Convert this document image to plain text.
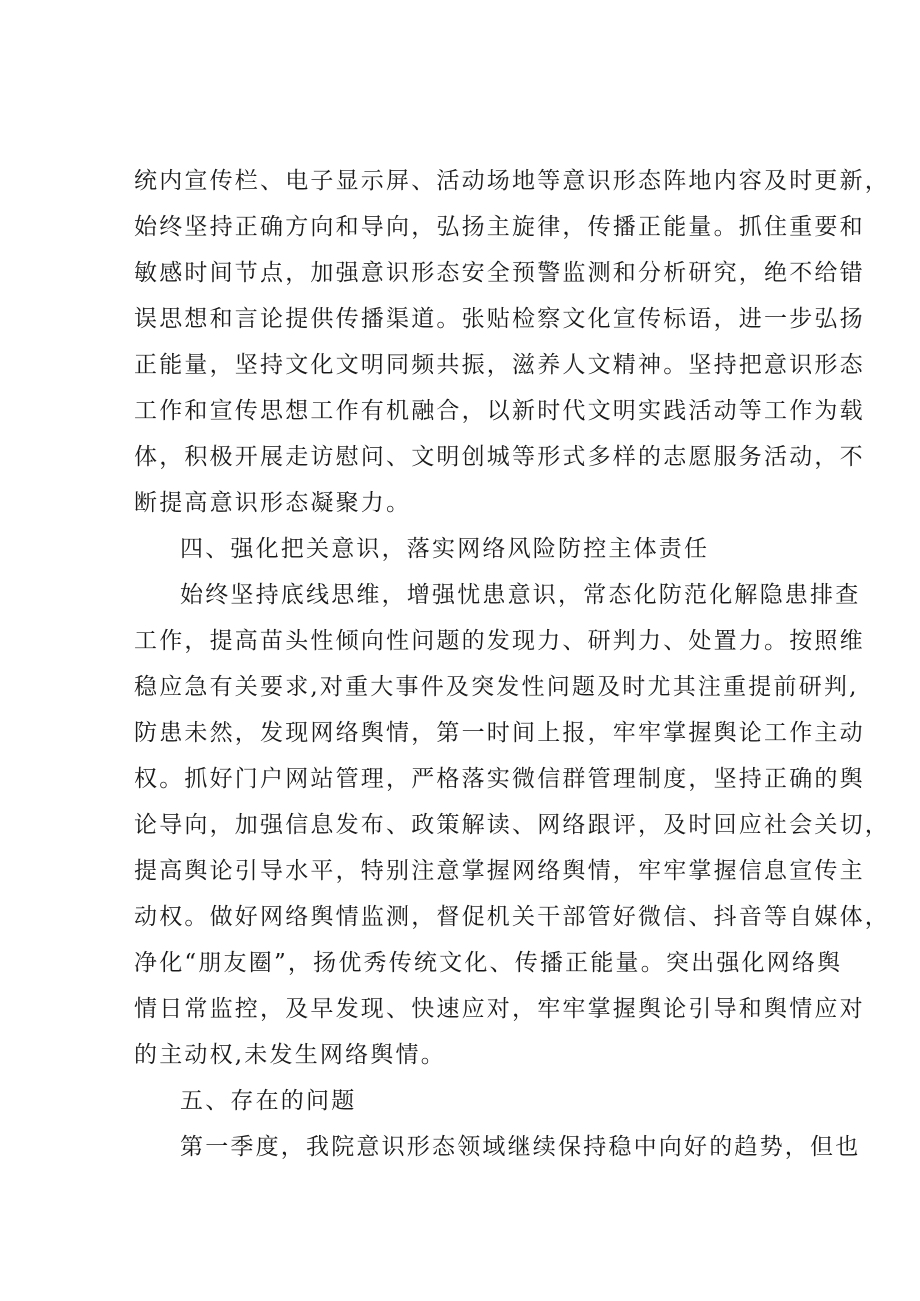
统内宣传栏、电子显示屏、活动场地等意识形态阵地内容及时更新，

始终坚持正确方向和导向，弘扬主旋律，传播正能量。抓住重要和

敏感时间节点，加强意识形态安全预警监测和分析研究，绝不给错

误思想和言论提供传播渠道。张贴检察文化宣传标语，进一步弘扬

正能量，坚持文化文明同频共振，滋养人文精神。坚持把意识形态

工作和宣传思想工作有机融合，以新时代文明实践活动等工作为载

体，积极开展走访慰问、文明创城等形式多样的志愿服务活动，不

断提高意识形态凝聚力。

四、强化把关意识，落实网络风险防控主体责任

始终坚持底线思维，增强忧患意识，常态化防范化解隐患排查

工作，提高苗头性倾向性问题的发现力、研判力、处置力。按照维

稳应急有关要求,对重大事件及突发性问题及时尤其注重提前研判,

防患未然，发现网络舆情，第一时间上报，牢牢掌握舆论工作主动

权。抓好门户网站管理，严格落实微信群管理制度，坚持正确的舆

论导向，加强信息发布、政策解读、网络跟评，及时回应社会关切，

提高舆论引导水平，特别注意掌握网络舆情，牢牢掌握信息宣传主

动权。做好网络舆情监测，督促机关干部管好微信、抖音等自媒体，

净化“朋友圈”，扬优秀传统文化、传播正能量。突出强化网络舆

情日常监控，及早发现、快速应对，牢牢掌握舆论引导和舆情应对

的主动权,未发生网络舆情。

五、存在的问题

第一季度，我院意识形态领域继续保持稳中向好的趋势，但也
